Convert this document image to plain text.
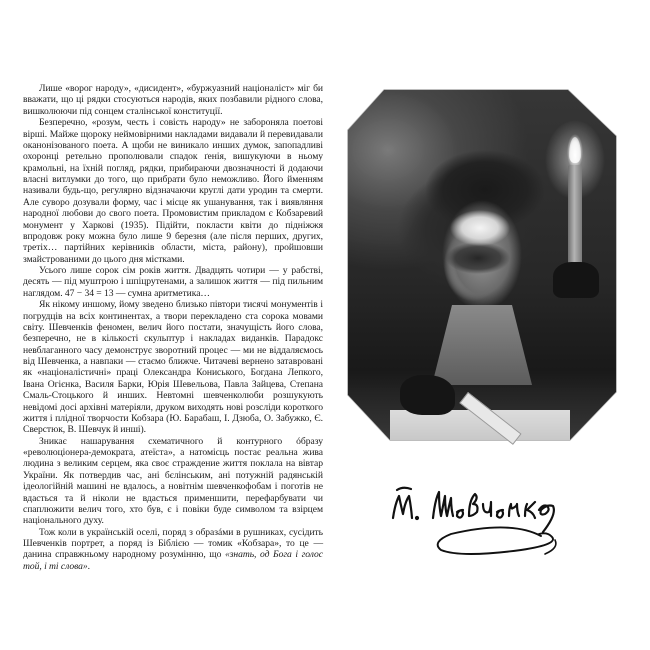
Лише «ворог народу», «дисидент», «буржуазний націоналіст» міг би вважати, що ці рядки стосуються народів, яких позбавили рідного слова, вишколюючи під сонцем сталінської конституції.

Безперечно, «розум, честь і совість народу» не забороняла поетові вірші. Майже щороку неймовірними накладами видавали й перевидавали оканонізованого поета. А щоби не виникало инших думок, запопадливі охоронці ретельно прополювали спадок ґенія, вишукуючи в ньому крамольні, на їхній погляд, рядки, прибираючи двозначності й додаючи власні витлумки до того, що прибрати було неможливо. Його йменням називали будь-що, регулярно відзначаючи круглі дати уродин та смерти. Але суворо дозували форму, час і місце як ушанування, так і виявляння народної любови до свого поета. Промовистим прикладом є Кобзаревий монумент у Харкові (1935). Підійти, покласти квіти до підніжжя впродовж року можна було лише 9 березня (але після перших, других, третіх… партійних керівників области, міста, району), пройшовши змайстрованими до цього дня містками.

Усього лише сорок сім років життя. Двадцять чотири — у рабстві, десять — під муштрою і шпіцрутенами, а залишок життя — під пильним наглядом. 47 − 34 = 13 — сумна аритметика…

Як нікому иншому, йому зведено близько півтори тисячі монументів і погрудців на всіх континентах, а твори перекладено ста сорока мовами світу. Шевченків феномен, велич його постати, значущість його слова, безперечно, не в кількості скульптур і накладах виданків. Парадокс невблаганного часу демонструє зворотний процес — ми не віддаляємось від Шевченка, а навпаки — стаємо ближче. Читачеві вернено затавровані як «націоналістичні» праці Олександра Кониського, Богдана Лепкого, Івана Огієнка, Василя Барки, Юрія Шевельова, Павла Зайцева, Степана Смаль-Стоцького й инших. Невтомні шевченколюби розшукують невідомі досі архівні матеріяли, друком виходять нові розсліди короткого життя і плідної творчости Кобзара (Ю. Барабаш, І. Дзюба, О. Забужко, Є. Сверстюк, В. Шевчук й инші).

Зникає нашарування схематичного й контурного óбразу «революціонера-демократа, атеїста», а натомісць постає реальна жива людина з великим серцем, яка своє страждение життя поклала на вівтар України. Як потвердив час, ані бєлінським, ані потужній радянській ідеологійній машині не вдалось, а новітнім шевченкофобам і поготів не вдасться та й ніколи не вдасться применшити, перефарбувати чи спаплюжити велич того, хто був, є і повіки буде символом та взірцем національного духу.

Тож коли в українській оселі, поряд з образáми в рушниках, сусідить Шевченків портрет, а поряд із Біблією — томик «Кобзара», то це — данина справжньому народному розумінню, що «знать, од Бога і голос той, і ті слова».
